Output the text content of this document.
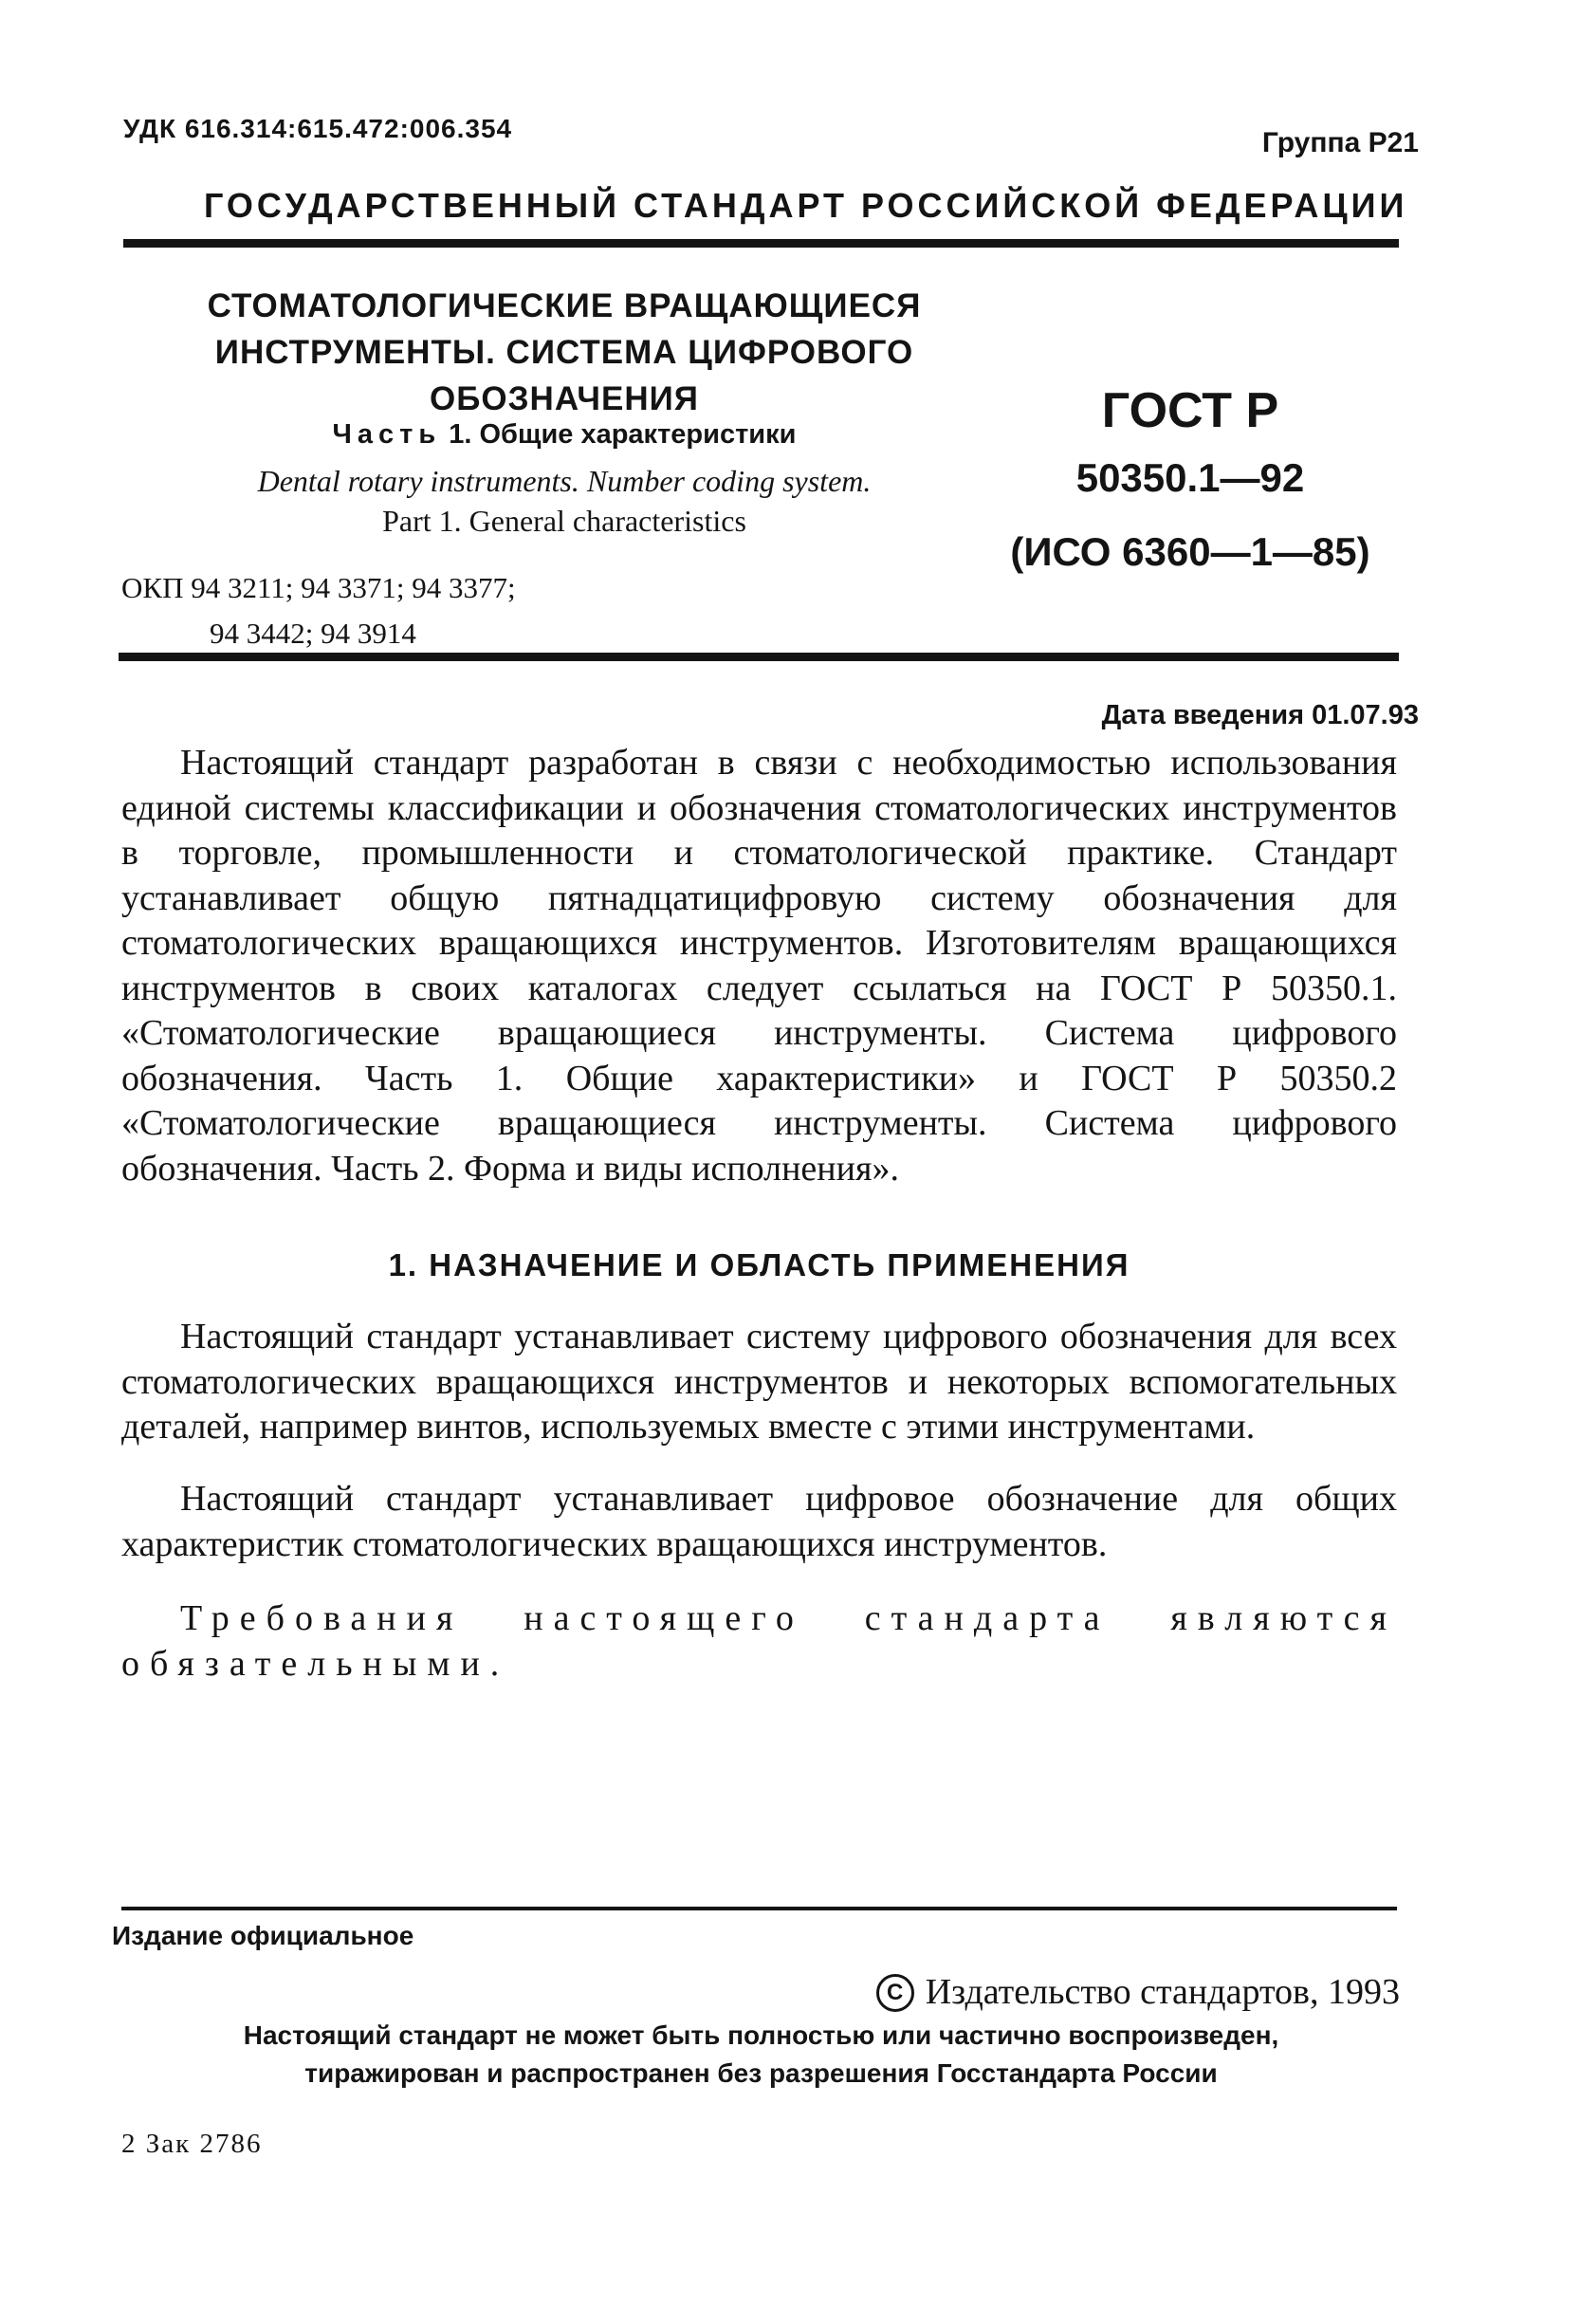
УДК 616.314:615.472:006.354	Группа Р21
ГОСУДАРСТВЕННЫЙ СТАНДАРТ РОССИЙСКОЙ ФЕДЕРАЦИИ
СТОМАТОЛОГИЧЕСКИЕ ВРАЩАЮЩИЕСЯ
ИНСТРУМЕНТЫ. СИСТЕМА ЦИФРОВОГО
ОБОЗНАЧЕНИЯ
Часть 1. Общие характеристики
Dental rotary instruments. Number coding system.
Part 1. General characteristics
ГОСТ Р
50350.1—92
(ИСО 6360—1—85)
ОКП 94 3211; 94 3371; 94 3377;
94 3442; 94 3914
Дата введения 01.07.93
Настоящий стандарт разработан в связи с необходимостью использования единой системы классификации и обозначения стоматологических инструментов в торговле, промышленности и стоматологической практике. Стандарт устанавливает общую пятнадцатицифровую систему обозначения для стоматологических вращающихся инструментов. Изготовителям вращающихся инструментов в своих каталогах следует ссылаться на ГОСТ Р 50350.1. «Стоматологические вращающиеся инструменты. Система цифрового обозначения. Часть 1. Общие характеристики» и ГОСТ Р 50350.2 «Стоматологические вращающиеся инструменты. Система цифрового обозначения. Часть 2. Форма и виды исполнения».
1. НАЗНАЧЕНИЕ И ОБЛАСТЬ ПРИМЕНЕНИЯ
Настоящий стандарт устанавливает систему цифрового обозначения для всех стоматологических вращающихся инструментов и некоторых вспомогательных деталей, например винтов, используемых вместе с этими инструментами.
Настоящий стандарт устанавливает цифровое обозначение для общих характеристик стоматологических вращающихся инструментов.
Требования настоящего стандарта являются обязательными.
Издание официальное
С Издательство стандартов, 1993
Настоящий стандарт не может быть полностью или частично воспроизведен,
тиражирован и распространен без разрешения Госстандарта России
2 Зак 2786
